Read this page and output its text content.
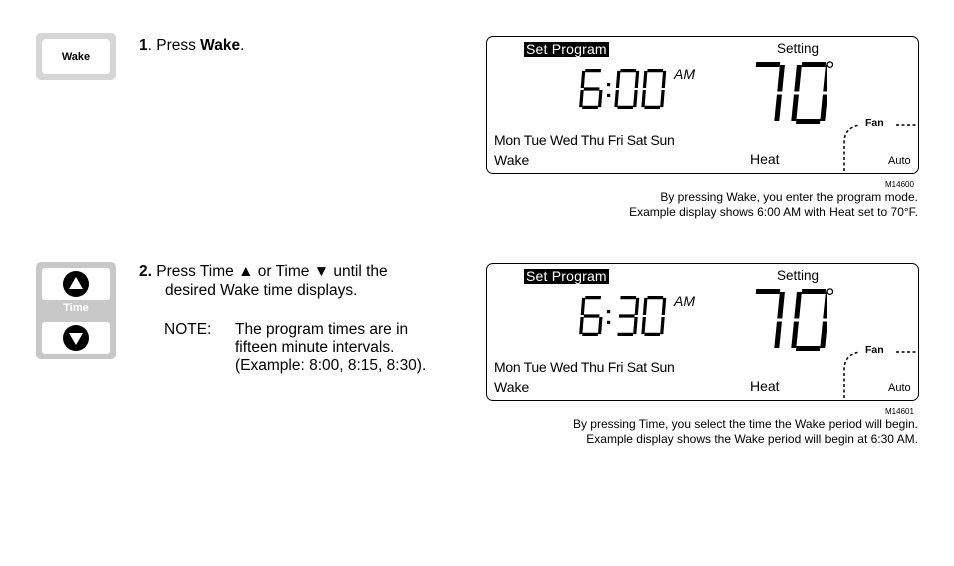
Wake
1. Press Wake.	Set Program	Setting
AM	°
Mon Tue Wed Thu Fri Sat Sun
Wake	Heat
Fan
Auto
M14600
By pressing Wake, you enter the program mode.
Example display shows 6:00 AM with Heat set to 70°F.
Time
2. Press Time ▲ or Time ▼ until the
desired Wake time displays.
NOTE: The program times are in
fifteen minute intervals.
(Example: 8:00, 8:15, 8:30).
Set Program	Setting
AM	°
Mon Tue Wed Thu Fri Sat Sun
Wake	Heat
Fan
Auto
M14601
By pressing Time, you select the time the Wake period will begin.
Example display shows the Wake period will begin at 6:30 AM.
